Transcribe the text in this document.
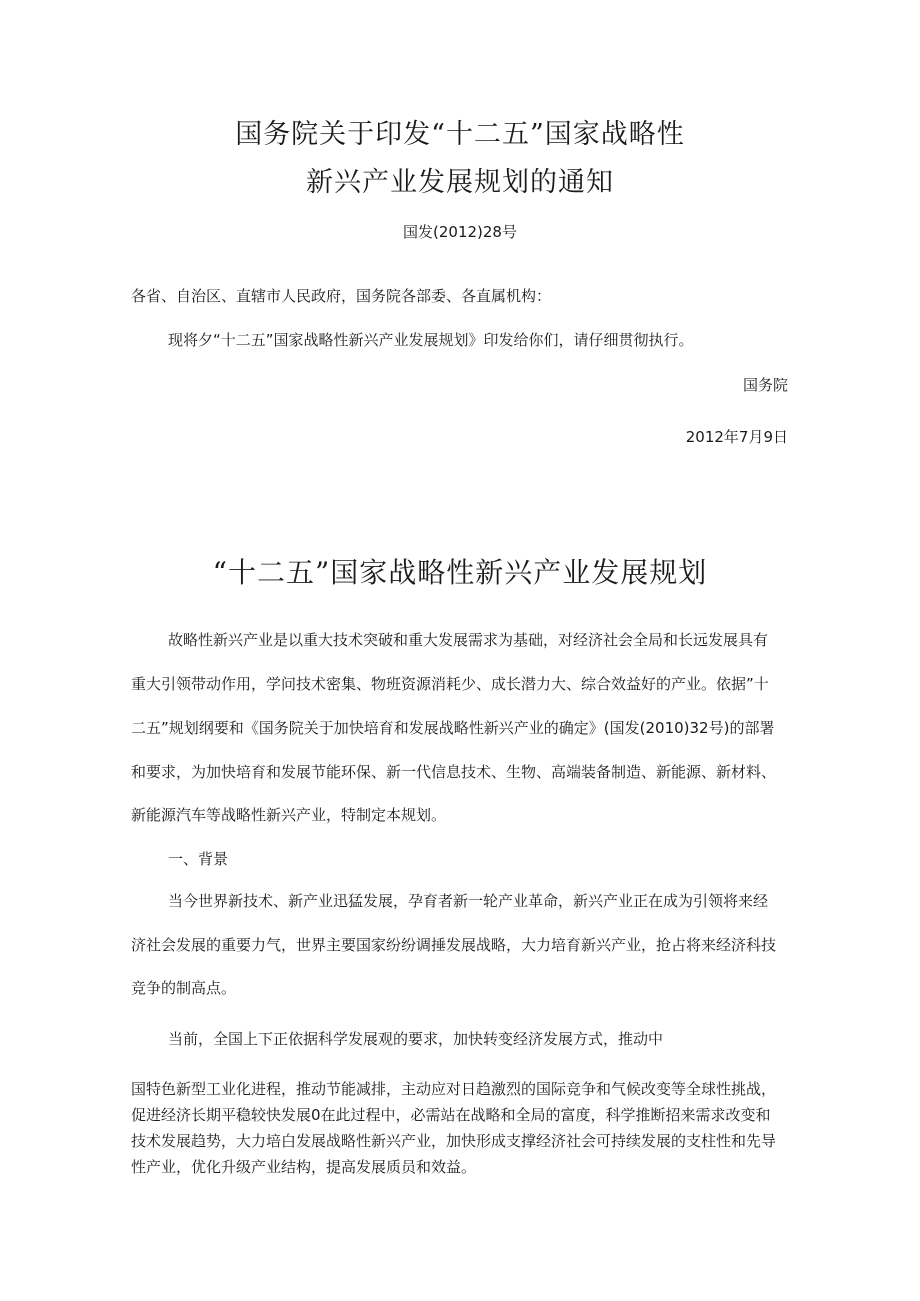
国务院关于印发“十二五”国家战略性
新兴产业发展规划的通知
国发(2012)28号
各省、自治区、直辖市人民政府，国务院各部委、各直属机构：
现将夕“十二五”国家战略性新兴产业发展规划》印发给你们，请仔细贯彻执行。
国务院
2012年7月9日
“十二五”国家战略性新兴产业发展规划
故略性新兴产业是以重大技术突破和重大发展需求为基础，对经济社会全局和长远发展具有
重大引领带动作用，学问技术密集、物班资源消耗少、成长潜力大、综合效益好的产业。依据”十
二五”规划纲要和《国务院关于加快培育和发展战略性新兴产业的确定》(国发(2010)32号)的部署
和要求，为加快培育和发展节能环保、新一代信息技术、生物、高端装备制造、新能源、新材料、
新能源汽车等战略性新兴产业，特制定本规划。
一、背景
当今世界新技术、新产业迅猛发展，孕育者新一轮产业革命，新兴产业正在成为引领将来经
济社会发展的重要力气，世界主要国家纷纷调捶发展战略，大力培育新兴产业，抢占将来经济科技
竞争的制高点。
当前，全国上下正依据科学发展观的要求，加快转变经济发展方式，推动中
国特色新型工业化进程，推动节能减排，主动应对日趋激烈的国际竞争和气候改变等全球性挑战，
促进经济长期平稳较快发展0在此过程中，必需站在战略和全局的富度，科学推断招来需求改变和
技术发展趋势，大力培白发展战略性新兴产业，加快形成支撑经济社会可持续发展的支柱性和先导
性产业，优化升级产业结构，提高发展质员和效益。
